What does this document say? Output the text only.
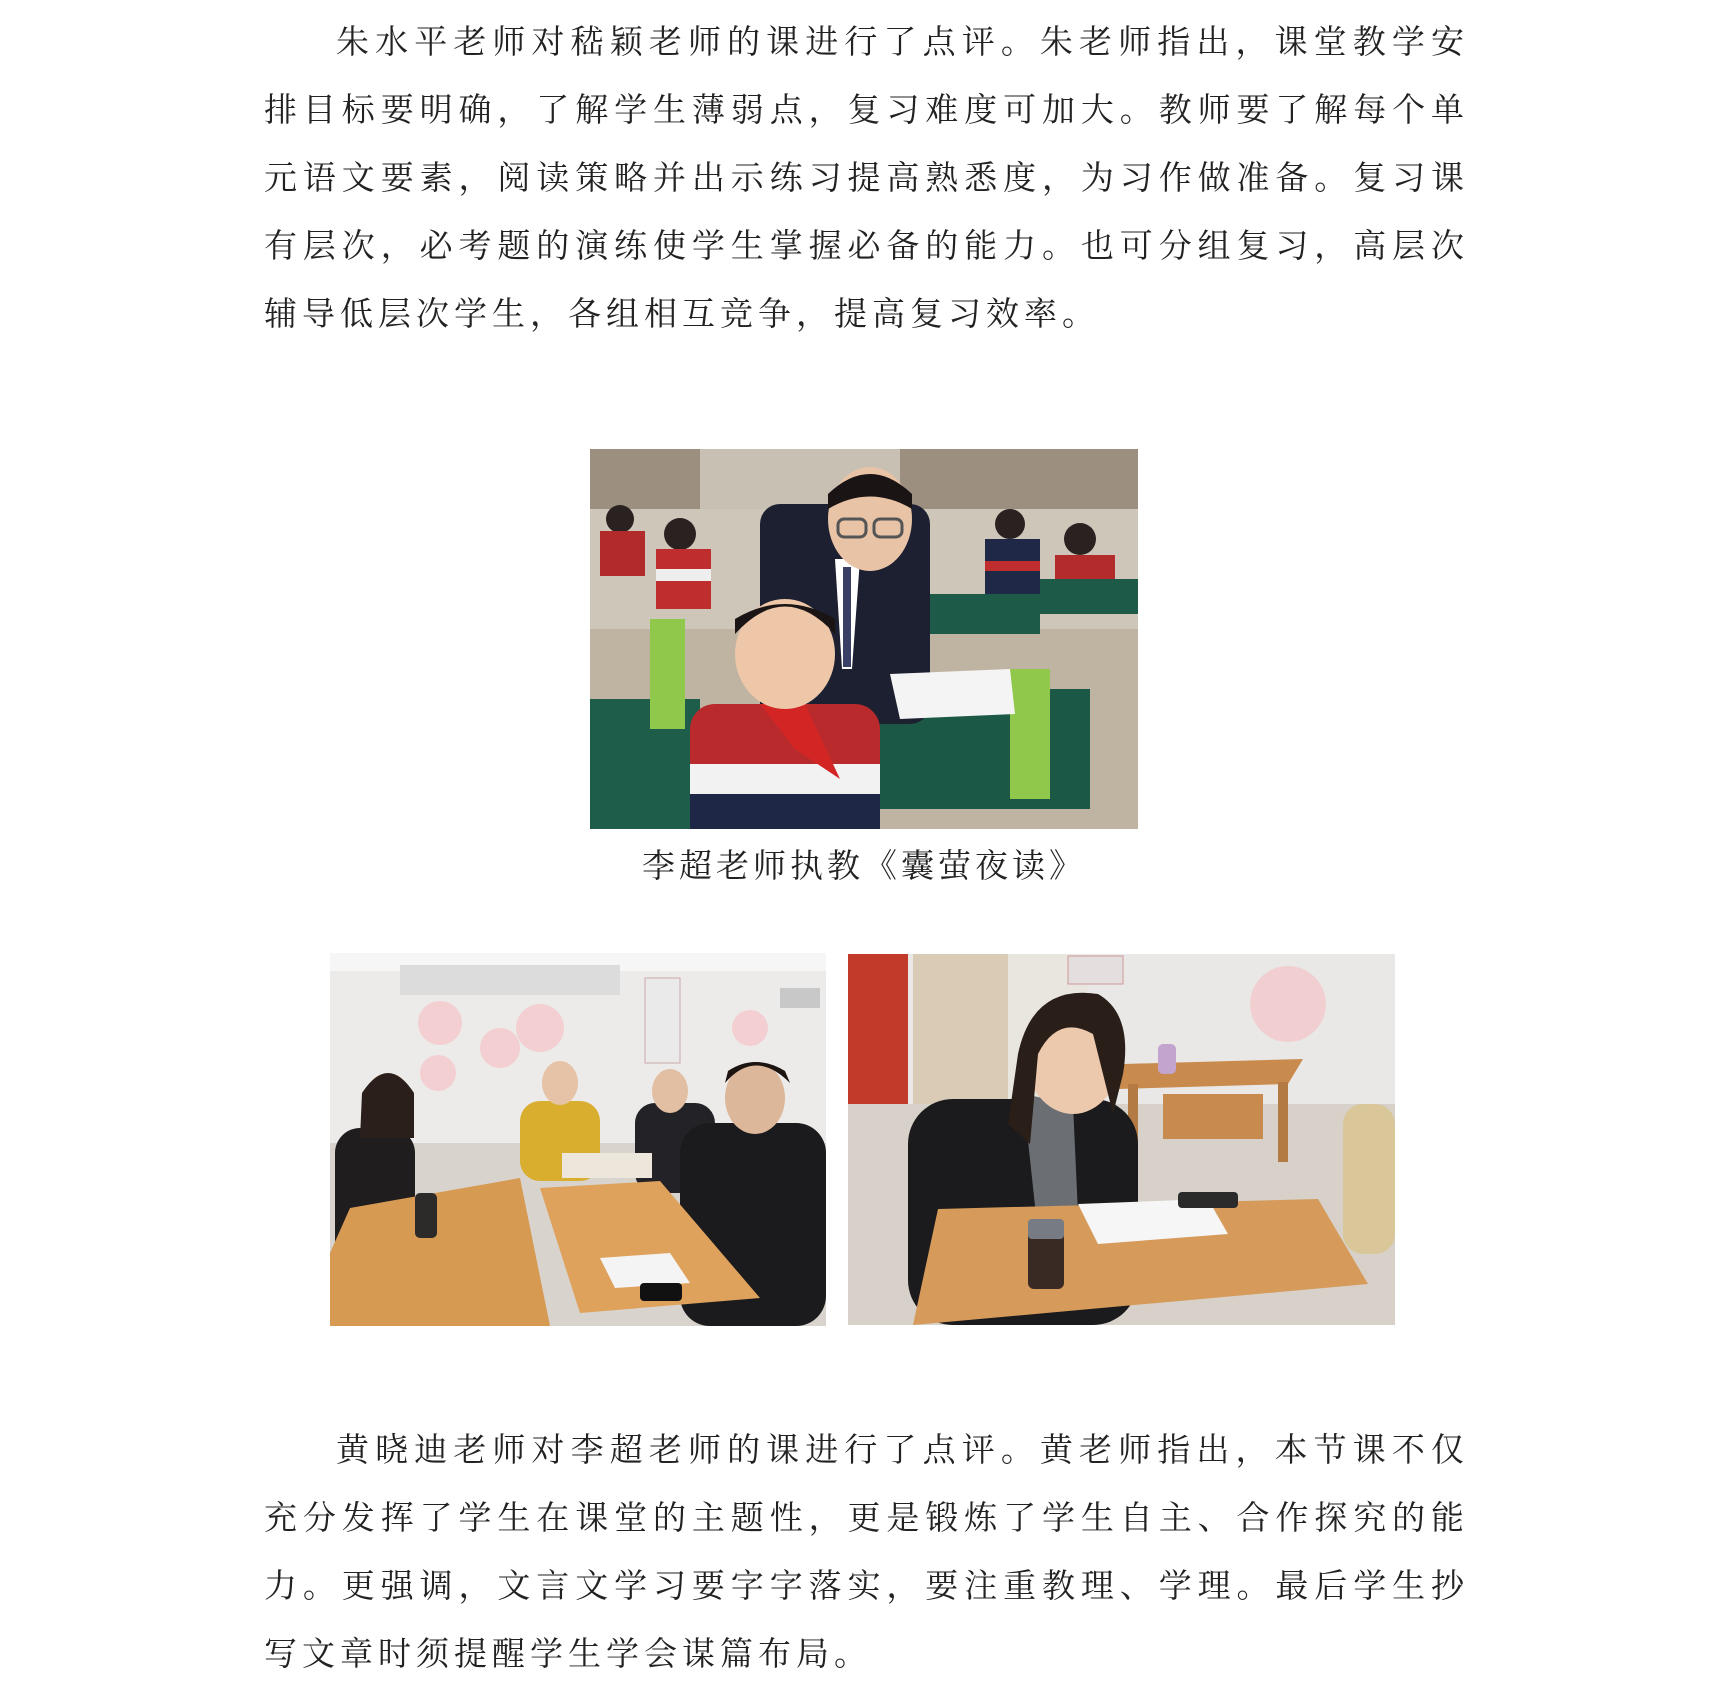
朱水平老师对嵇颖老师的课进行了点评。朱老师指出，课堂教学安排目标要明确，了解学生薄弱点，复习难度可加大。教师要了解每个单元语文要素，阅读策略并出示练习提高熟悉度，为习作做准备。复习课有层次，必考题的演练使学生掌握必备的能力。也可分组复习，高层次辅导低层次学生，各组相互竞争，提高复习效率。

李超老师执教《囊萤夜读》

黄晓迪老师对李超老师的课进行了点评。黄老师指出，本节课不仅充分发挥了学生在课堂的主题性，更是锻炼了学生自主、合作探究的能力。更强调，文言文学习要字字落实，要注重教理、学理。最后学生抄写文章时须提醒学生学会谋篇布局。
